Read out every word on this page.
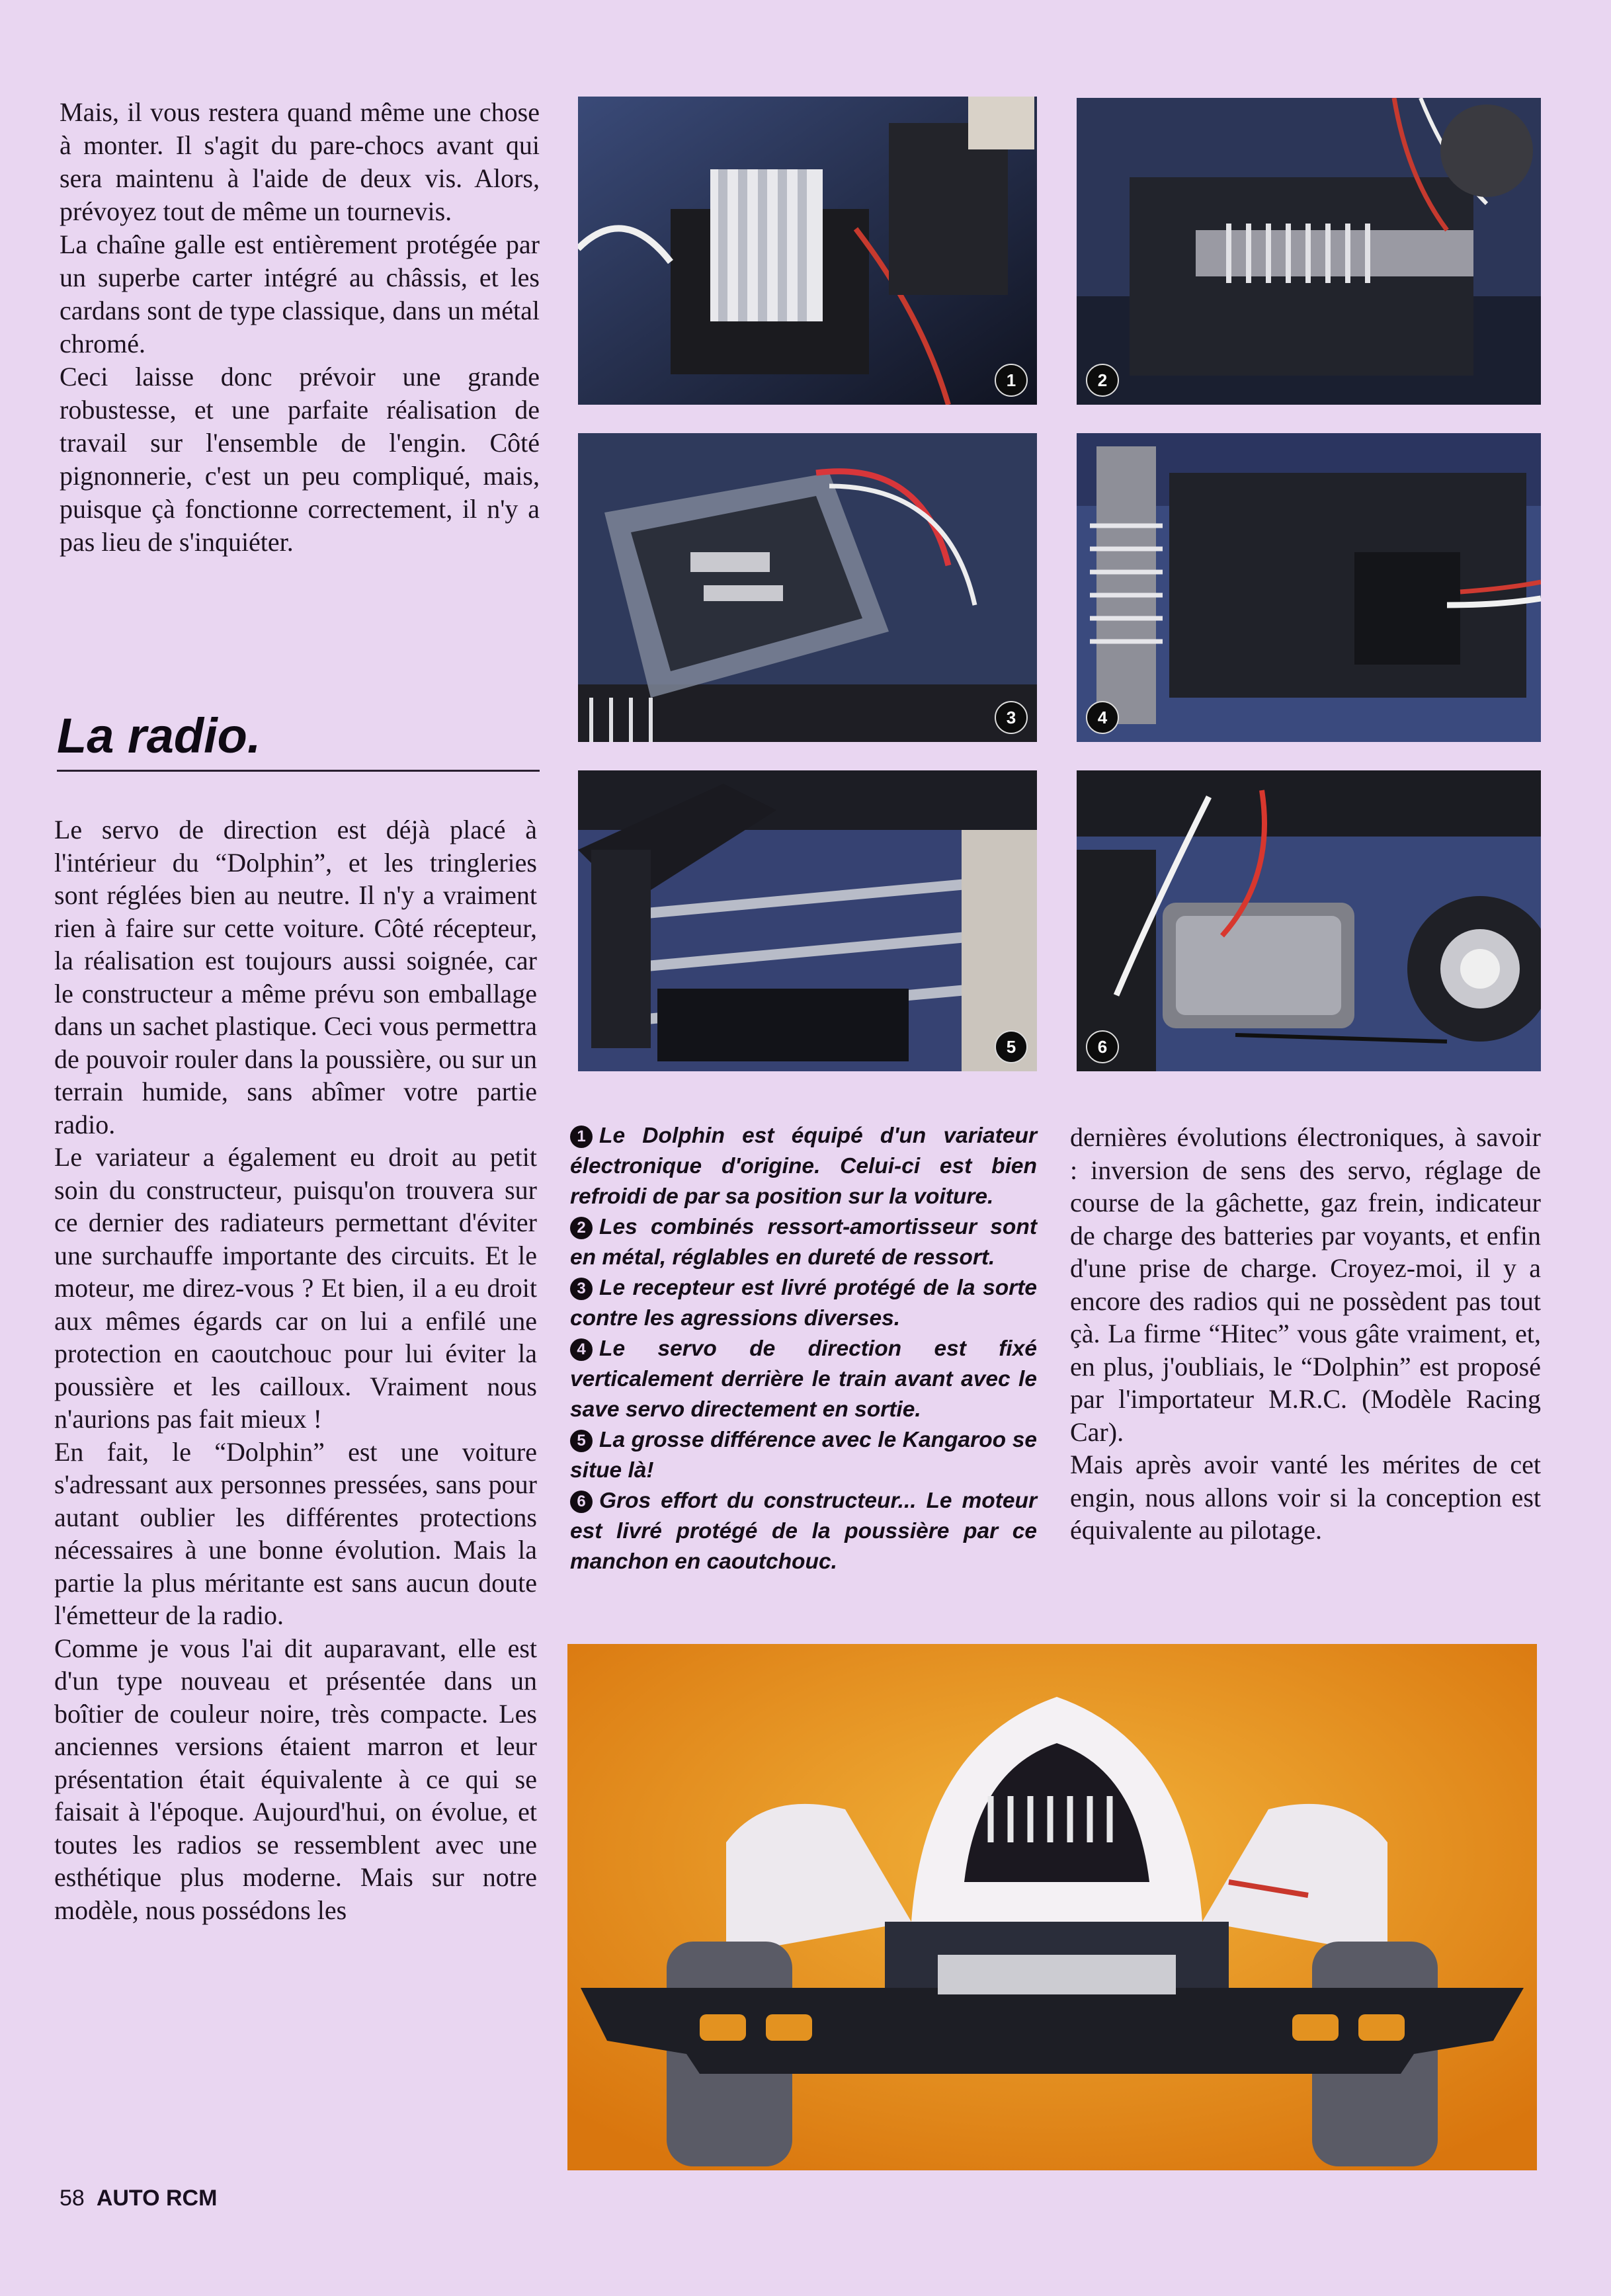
Mais, il vous restera quand même une chose à monter. Il s'agit du pare-chocs avant qui sera maintenu à l'aide de deux vis. Alors, prévoyez tout de même un tournevis.

La chaîne galle est entièrement protégée par un superbe carter intégré au châssis, et les cardans sont de type classique, dans un métal chromé.

Ceci laisse donc prévoir une grande robustesse, et une parfaite réalisation de travail sur l'ensemble de l'engin. Côté pignonnerie, c'est un peu compliqué, mais, puisque çà fonctionne correctement, il n'y a pas lieu de s'inquiéter.

La radio.

Le servo de direction est déjà placé à l'intérieur du “Dolphin”, et les tringleries sont réglées bien au neutre. Il n'y a vraiment rien à faire sur cette voiture. Côté récepteur, la réalisation est toujours aussi soignée, car le constructeur a même prévu son emballage dans un sachet plastique. Ceci vous permettra de pouvoir rouler dans la poussière, ou sur un terrain humide, sans abîmer votre partie radio.

Le variateur a également eu droit au petit soin du constructeur, puisqu'on trouvera sur ce dernier des radiateurs permettant d'éviter une surchauffe importante des circuits. Et le moteur, me direz-vous ? Et bien, il a eu droit aux mêmes égards car on lui a enfilé une protection en caoutchouc pour lui éviter la poussière et les cailloux. Vraiment nous n'aurions pas fait mieux !

En fait, le “Dolphin” est une voiture s'adressant aux personnes pressées, sans pour autant oublier les différentes protections nécessaires à une bonne évolution. Mais la partie la plus méritante est sans aucun doute l'émetteur de la radio.

Comme je vous l'ai dit auparavant, elle est d'un type nouveau et présentée dans un boîtier de couleur noire, très compacte. Les anciennes versions étaient marron et leur présentation était équivalente à ce qui se faisait à l'époque. Aujourd'hui, on évolue, et toutes les radios se ressemblent avec une esthétique plus moderne. Mais sur notre modèle, nous possédons les

1	2
3	4
5	6

1 Le Dolphin est équipé d'un variateur électronique d'origine. Celui-ci est bien refroidi de par sa position sur la voiture.

2 Les combinés ressort-amortisseur sont en métal, réglables en dureté de ressort.

3 Le recepteur est livré protégé de la sorte contre les agressions diverses.

4 Le servo de direction est fixé verticalement derrière le train avant avec le save servo directement en sortie.

5 La grosse différence avec le Kangaroo se situe là!

6 Gros effort du constructeur... Le moteur est livré protégé de la poussière par ce manchon en caoutchouc.

dernières évolutions électroniques, à savoir : inversion de sens des servo, réglage de course de la gâchette, gaz frein, indicateur de charge des batteries par voyants, et enfin d'une prise de charge. Croyez-moi, il y a encore des radios qui ne possèdent pas tout çà. La firme “Hitec” vous gâte vraiment, et, en plus, j'oubliais, le “Dolphin” est proposé par l'importateur M.R.C. (Modèle Racing Car).

Mais après avoir vanté les mérites de cet engin, nous allons voir si la conception est équivalente au pilotage.

58 AUTO RCM
